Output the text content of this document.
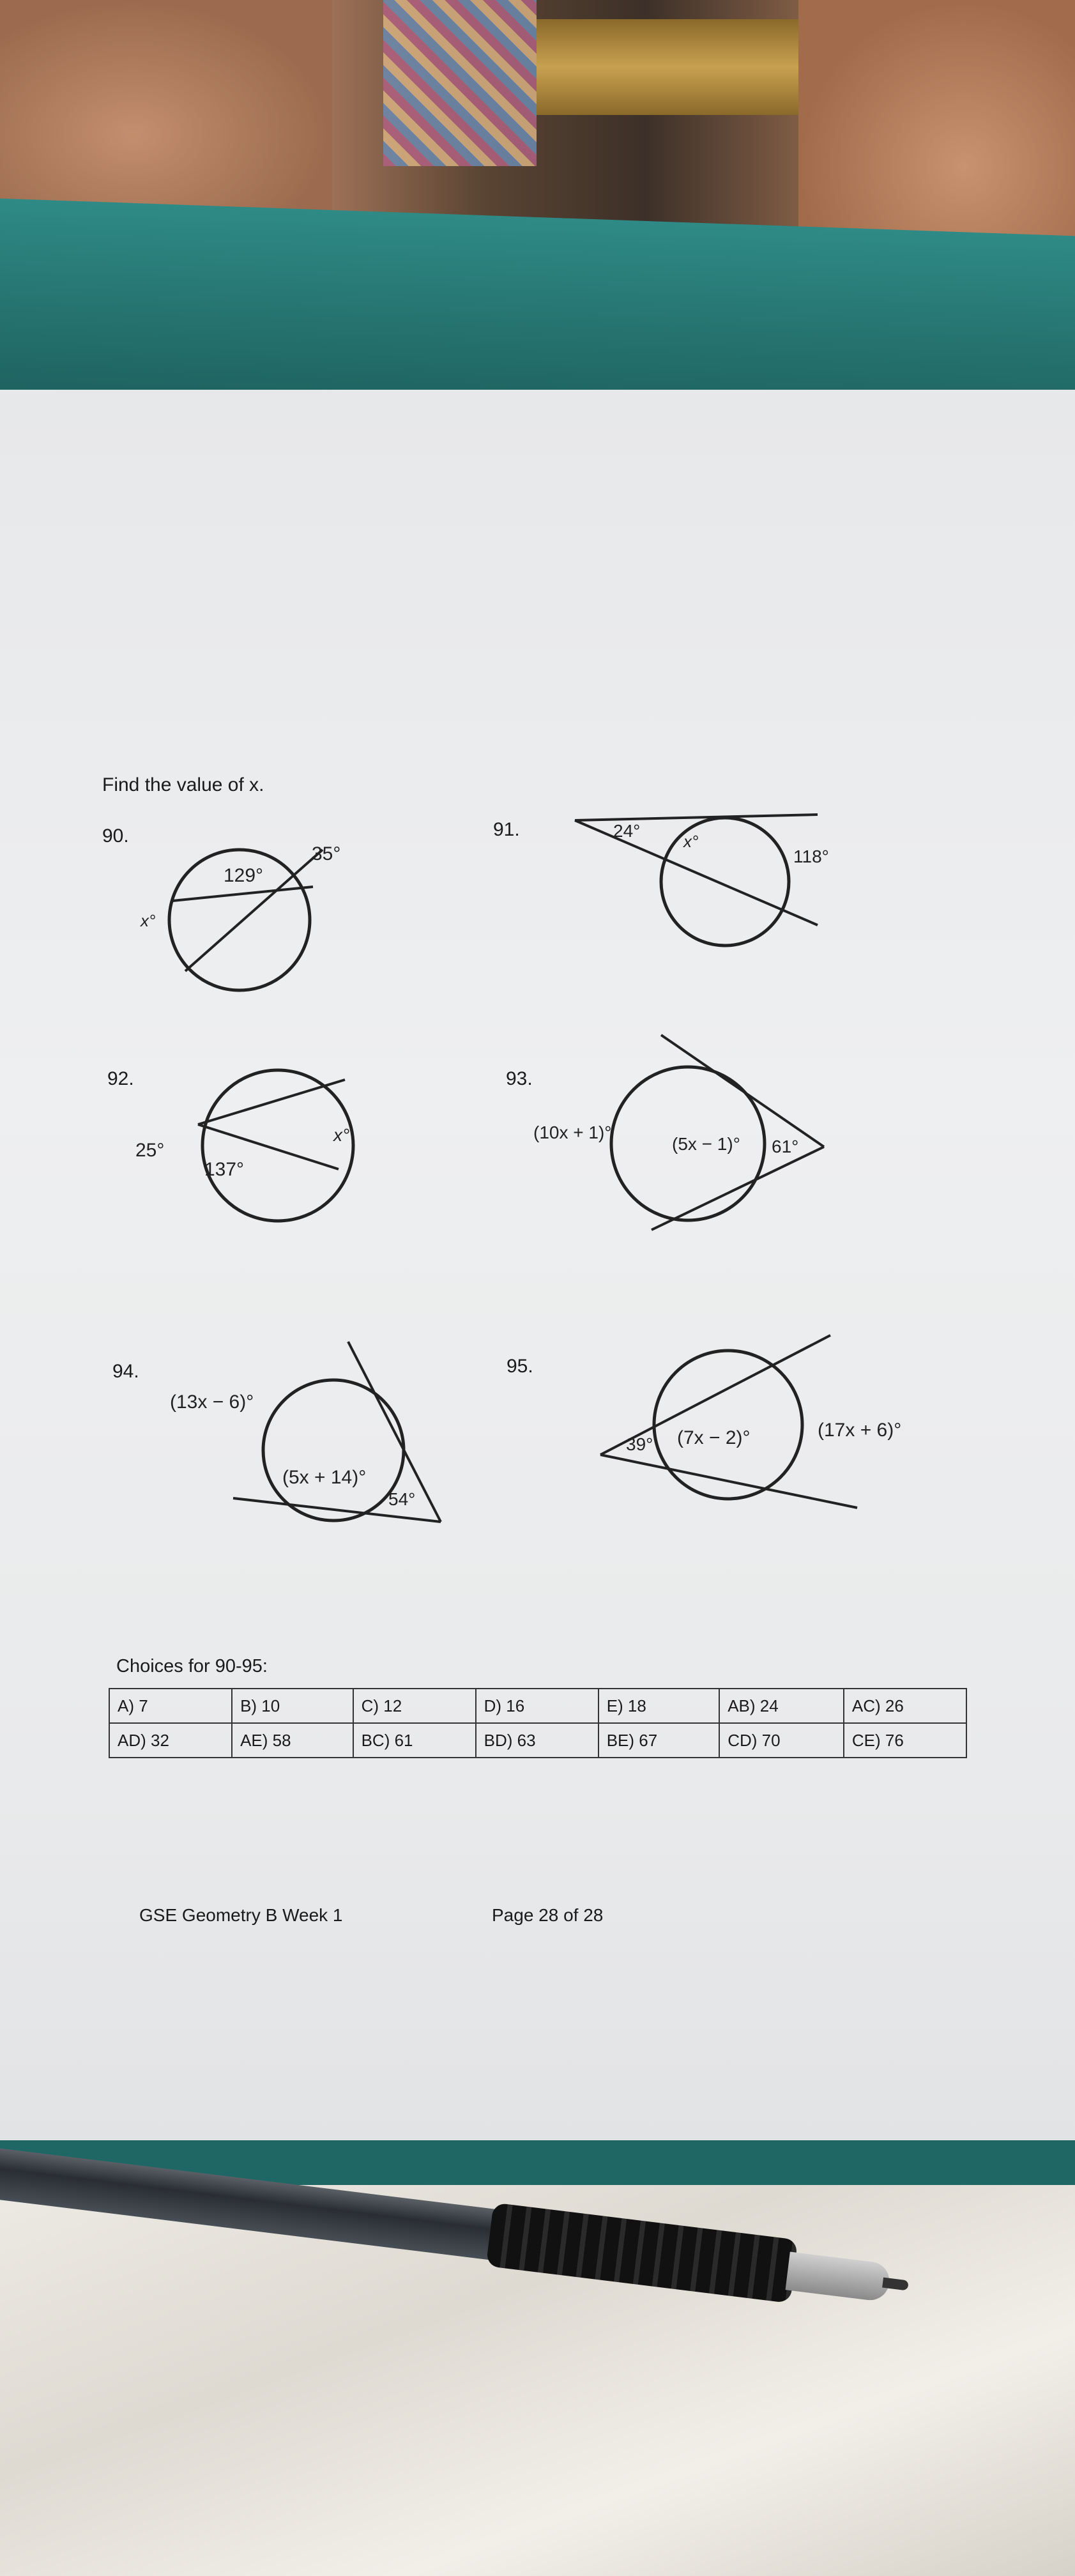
Find the value of x.
90.
129°
35°
x°
91.	24°
x°
118°
92.
25°
137°
x°
93.
(10x + 1)°
(5x − 1)° 61°
94.
(13x − 6)°
(5x + 14)°
54°
95.
39° (7x − 2)°	(17x + 6)°
Choices for 90-95:
A) 7	B) 10	C) 12	D) 16	E) 18	AB) 24	AC) 26
AD) 32	AE) 58	BC) 61	BD) 63	BE) 67	CD) 70	CE) 76
GSE Geometry B Week 1	Page 28 of 28
